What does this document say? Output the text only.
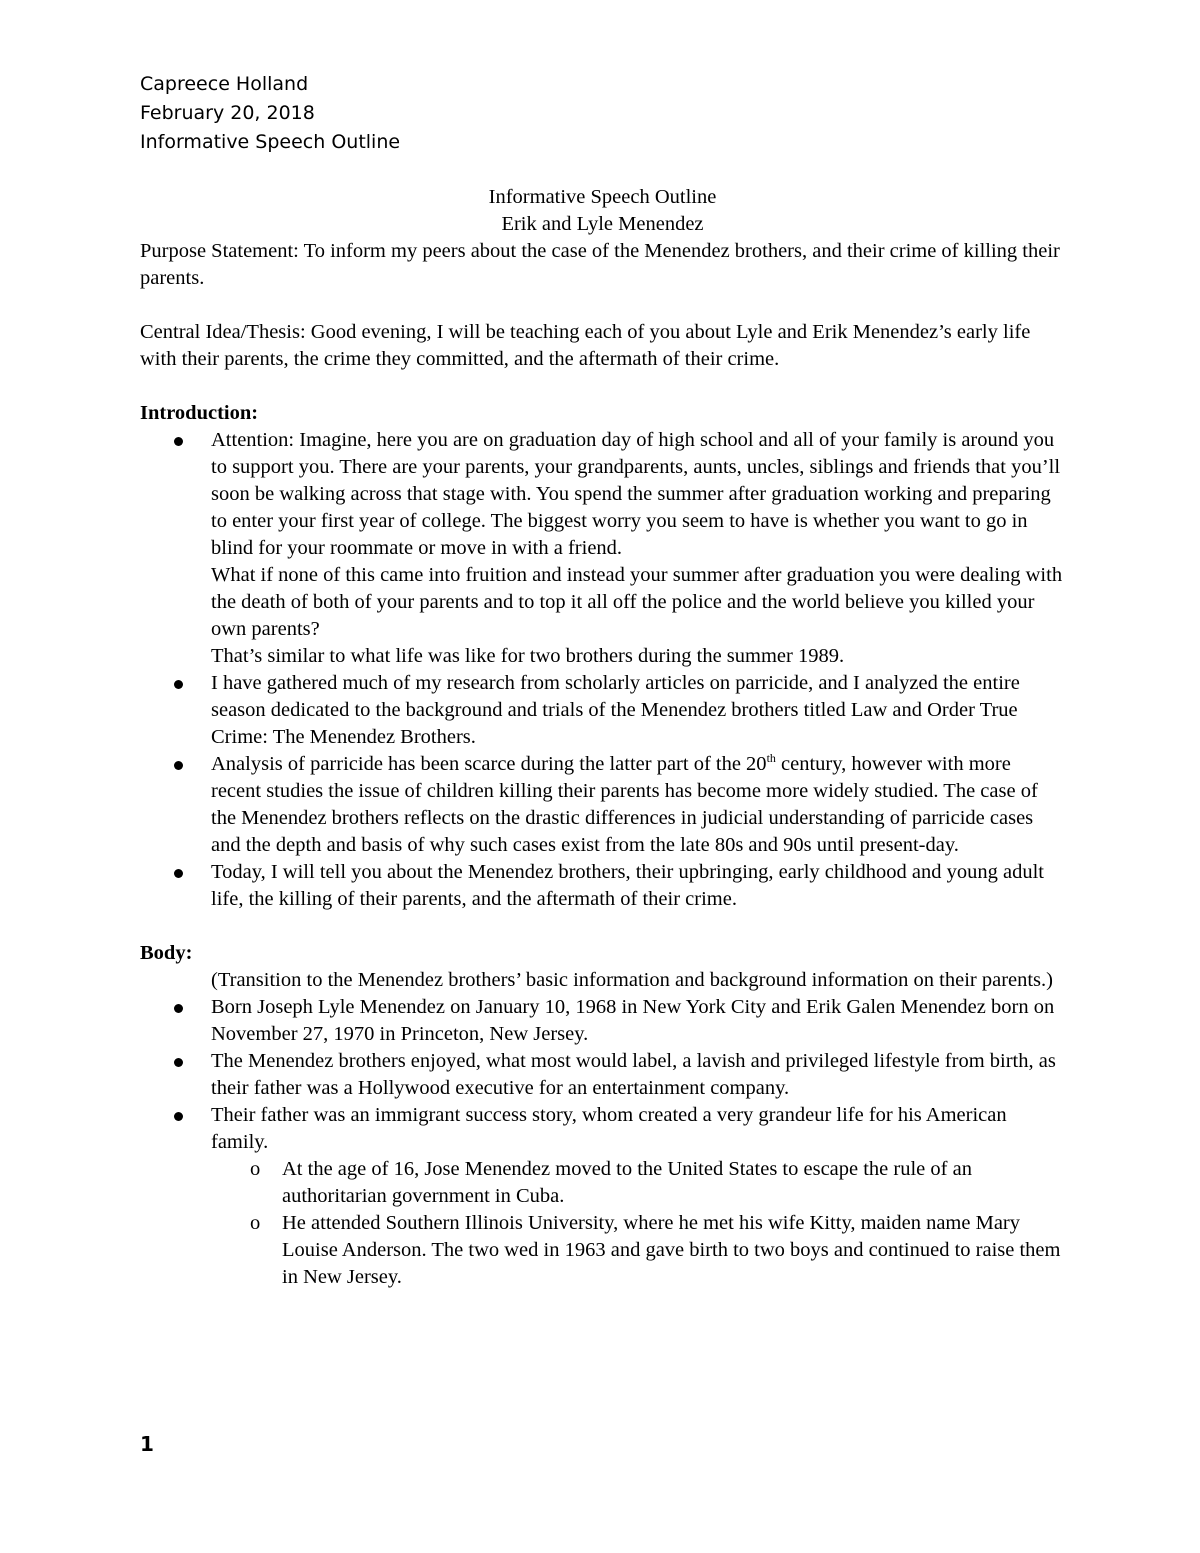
Capreece Holland
February 20, 2018
Informative Speech Outline

Informative Speech Outline

Erik and Lyle Menendez

Purpose Statement: To inform my peers about the case of the Menendez brothers, and their crime of killing their parents.

Central Idea/Thesis: Good evening, I will be teaching each of you about Lyle and Erik Menendez’s early life with their parents, the crime they committed, and the aftermath of their crime.

Introduction:

Attention: Imagine, here you are on graduation day of high school and all of your family is around you to support you. There are your parents, your grandparents, aunts, uncles, siblings and friends that you’ll soon be walking across that stage with. You spend the summer after graduation working and preparing to enter your first year of college. The biggest worry you seem to have is whether you want to go in blind for your roommate or move in with a friend.

What if none of this came into fruition and instead your summer after graduation you were dealing with the death of both of your parents and to top it all off the police and the world believe you killed your own parents?

That’s similar to what life was like for two brothers during the summer 1989.

I have gathered much of my research from scholarly articles on parricide, and I analyzed the entire season dedicated to the background and trials of the Menendez brothers titled Law and Order True Crime: The Menendez Brothers.

Analysis of parricide has been scarce during the latter part of the 20th century, however with more recent studies the issue of children killing their parents has become more widely studied. The case of the Menendez brothers reflects on the drastic differences in judicial understanding of parricide cases and the depth and basis of why such cases exist from the late 80s and 90s until present-day.

Today, I will tell you about the Menendez brothers, their upbringing, early childhood and young adult life, the killing of their parents, and the aftermath of their crime.

Body:

(Transition to the Menendez brothers’ basic information and background information on their parents.)

Born Joseph Lyle Menendez on January 10, 1968 in New York City and Erik Galen Menendez born on November 27, 1970 in Princeton, New Jersey.

The Menendez brothers enjoyed, what most would label, a lavish and privileged lifestyle from birth, as their father was a Hollywood executive for an entertainment company.

Their father was an immigrant success story, whom created a very grandeur life for his American family.

o At the age of 16, Jose Menendez moved to the United States to escape the rule of an authoritarian government in Cuba.

o He attended Southern Illinois University, where he met his wife Kitty, maiden name Mary Louise Anderson. The two wed in 1963 and gave birth to two boys and continued to raise them in New Jersey.

1
